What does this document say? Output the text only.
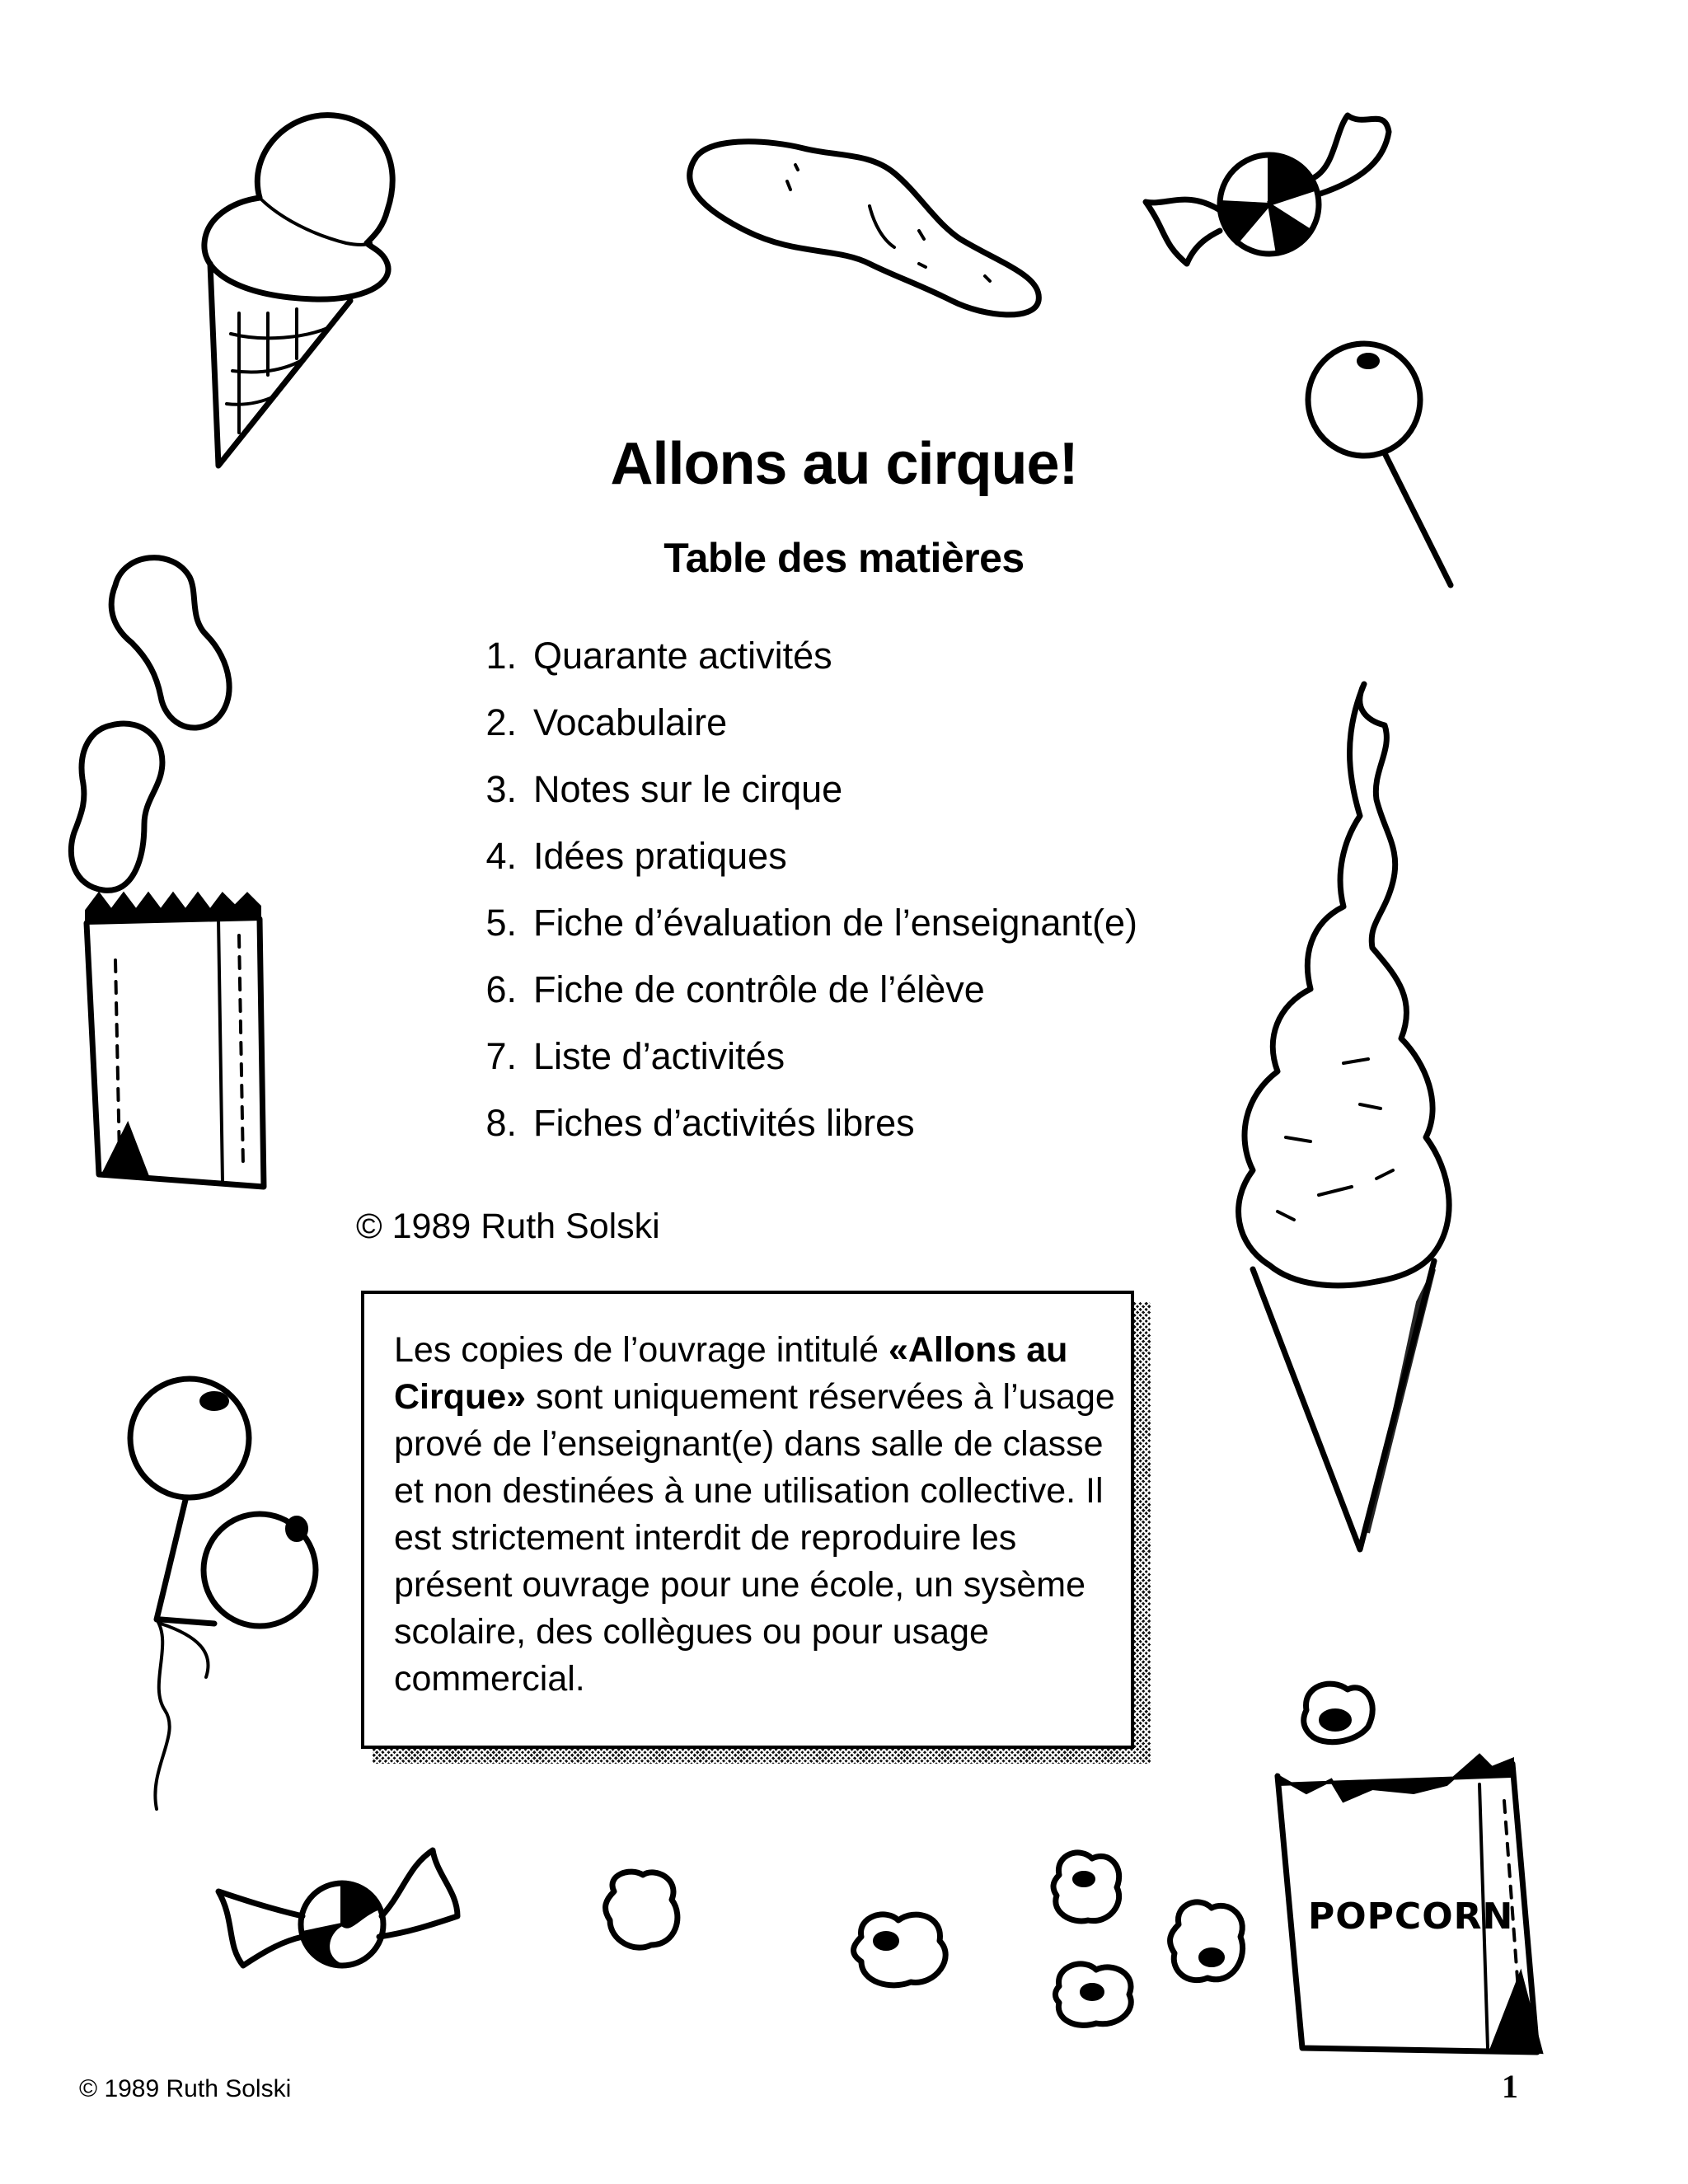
POPCORN
Allons au cirque!
Table des matières
1. Quarante activités
2. Vocabulaire
3. Notes sur le cirque
4. Idées pratiques
5. Fiche d’évaluation de l’enseignant(e)
6. Fiche de contrôle de l’élève
7. Liste d’activités
8. Fiches d’activités libres
© 1989 Ruth Solski
Les copies de l’ouvrage intitulé «Allons au Cirque» sont uniquement réservées à l’usage prové de l’enseignant(e) dans salle de classe et non destinées à une utilisation collective. Il est strictement interdit de reproduire les présent ouvrage pour une école, un sysème scolaire, des collègues ou pour usage commercial.
© 1989 Ruth Solski	1
